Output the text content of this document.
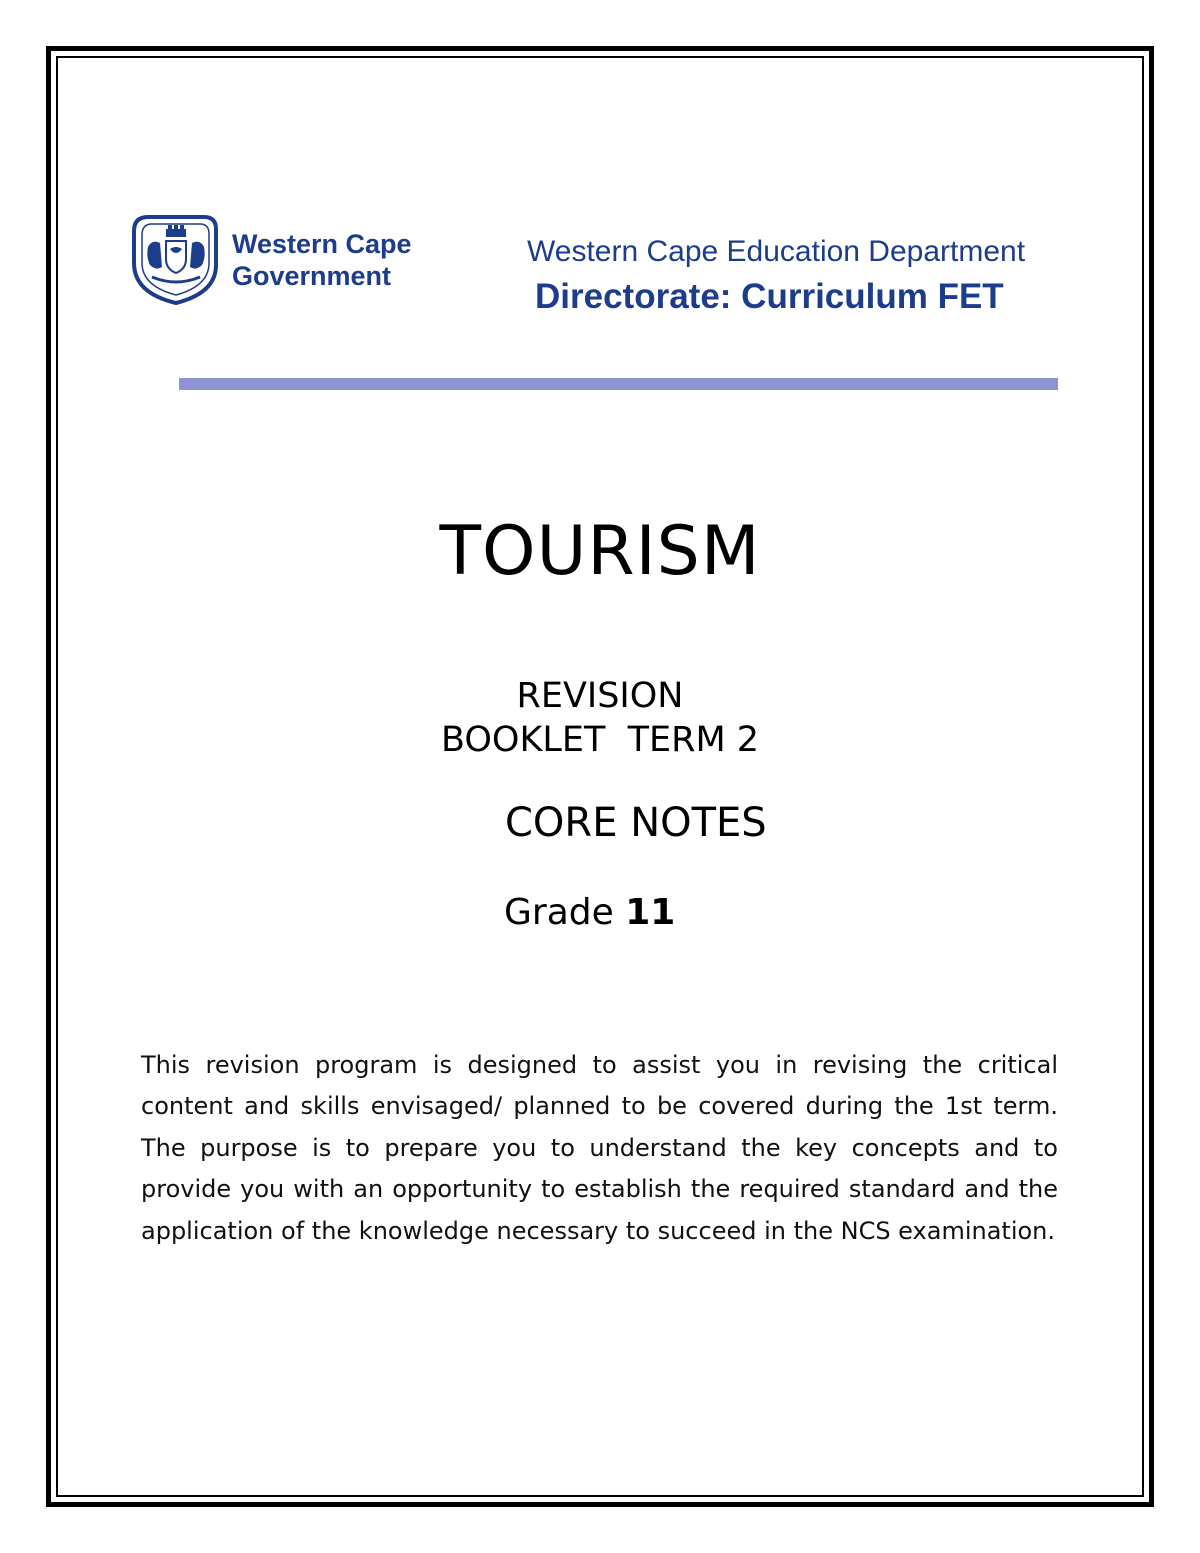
Western Cape
Government
Western Cape Education Department
Directorate: Curriculum FET
TOURISM
REVISION
BOOKLET  TERM 2
CORE NOTES
Grade 11
This revision program is designed to assist you in revising the critical content and skills envisaged/ planned to be covered during the 1st term. The purpose is to prepare you to understand the key concepts and to provide you with an opportunity to establish the required standard and the application of the knowledge necessary to succeed in the NCS examination.
